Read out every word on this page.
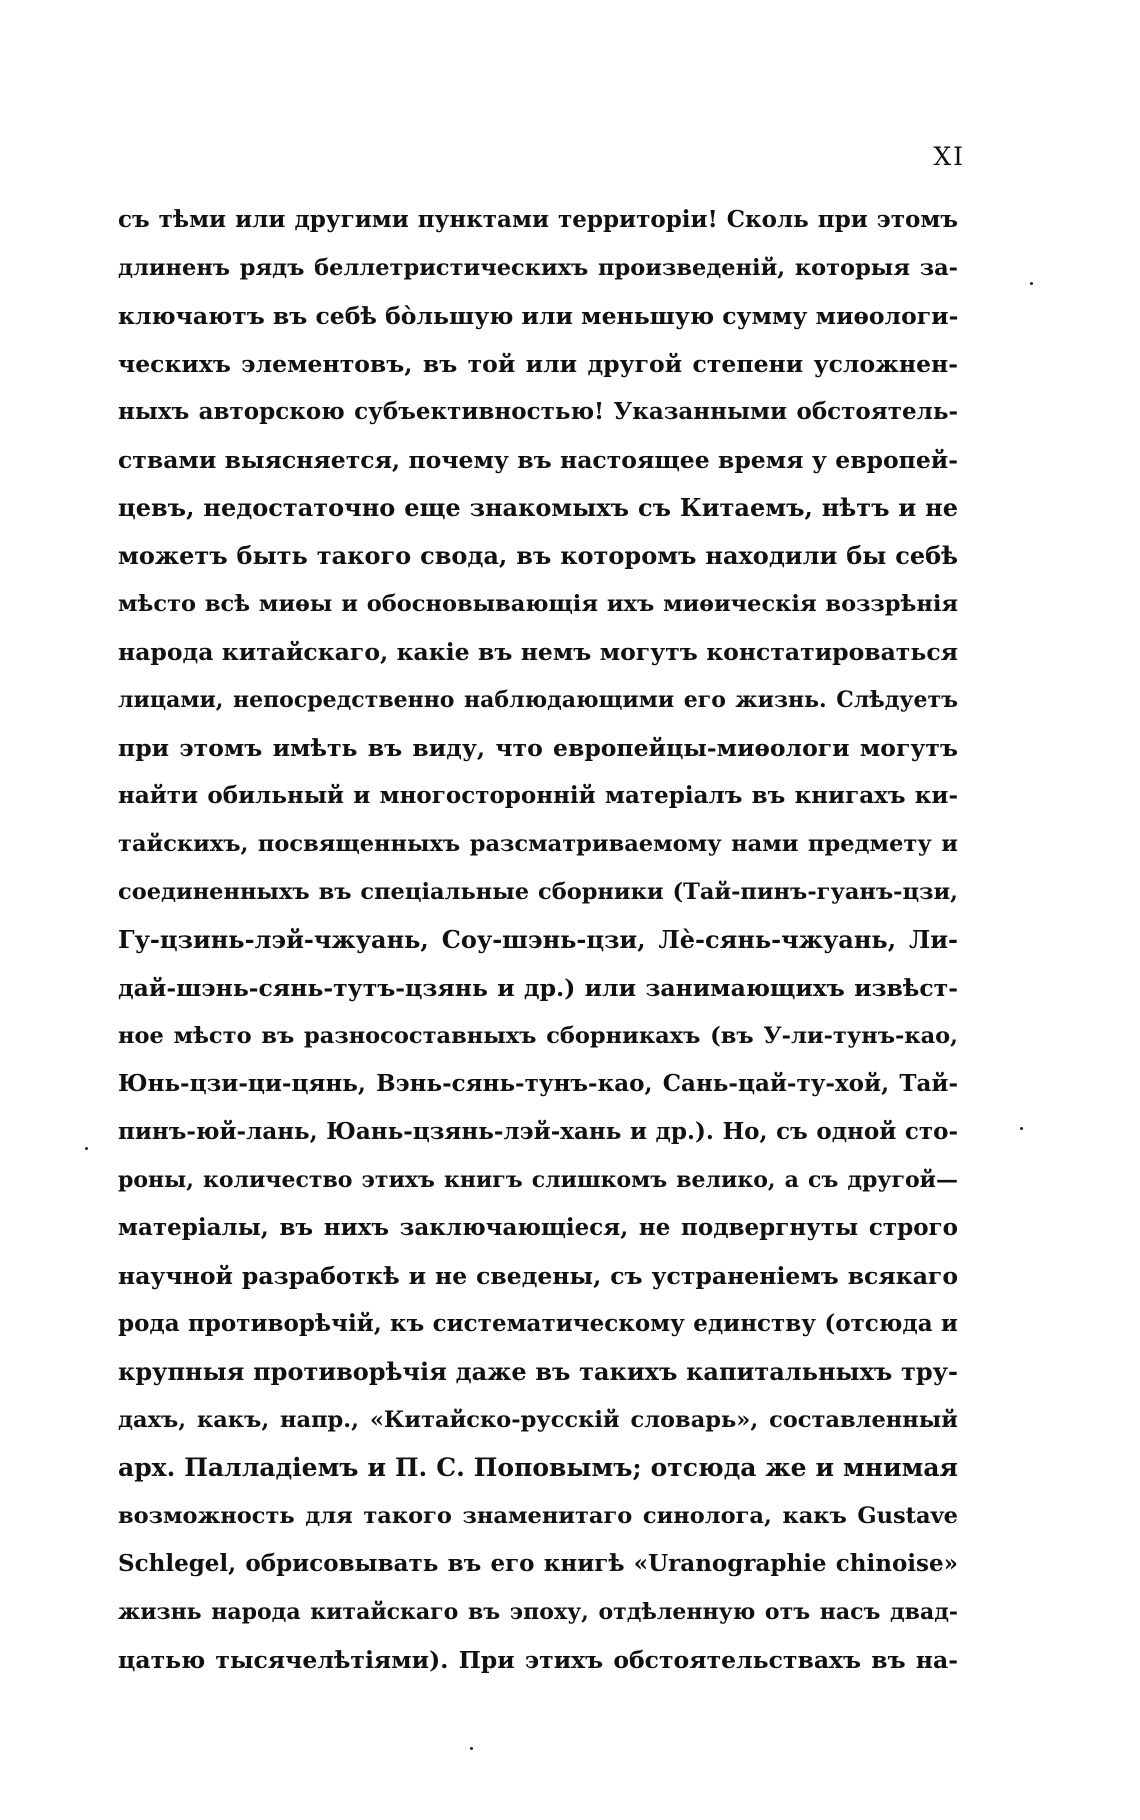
XI
съ тѣми или другими пунктами территоріи! Сколь при этомъ
длиненъ рядъ беллетристическихъ произведеній, которыя за-
ключаютъ въ себѣ бо̀льшую или меньшую сумму миѳологи-
ческихъ элементовъ, въ той или другой степени усложнен-
ныхъ авторскою субъективностью! Указанными обстоятель-
ствами выясняется, почему въ настоящее время у европей-
цевъ, недостаточно еще знакомыхъ съ Китаемъ, нѣтъ и не
можетъ быть такого свода, въ которомъ находили бы себѣ
мѣсто всѣ миѳы и обосновывающія ихъ миѳическія воззрѣнія
народа китайскаго, какіе въ немъ могутъ констатироваться
лицами, непосредственно наблюдающими его жизнь. Слѣдуетъ
при этомъ имѣть въ виду, что европейцы-миѳологи могутъ
найти обильный и многосторонній матеріалъ въ книгахъ ки-
тайскихъ, посвященныхъ разсматриваемому нами предмету и
соединенныхъ въ спеціальные сборники (Тай-пинъ-гуанъ-цзи,
Гу-цзинь-лэй-чжуань, Соу-шэнь-цзи, Лѐ-сянь-чжуань, Ли-
дай-шэнь-сянь-тутъ-цзянь и др.) или занимающихъ извѣст-
ное мѣсто въ разносоставныхъ сборникахъ (въ У-ли-тунъ-као,
Юнь-цзи-ци-цянь, Вэнь-сянь-тунъ-као, Сань-цай-ту-хой, Тай-
пинъ-юй-лань, Юань-цзянь-лэй-хань и др.). Но, съ одной сто-
роны, количество этихъ книгъ слишкомъ велико, а съ другой—
матеріалы, въ нихъ заключающіеся, не подвергнуты строго
научной разработкѣ и не сведены, съ устраненіемъ всякаго
рода противорѣчій, къ систематическому единству (отсюда и
крупныя противорѣчія даже въ такихъ капитальныхъ тру-
дахъ, какъ, напр., «Китайско-русскій словарь», составленный
арх. Палладіемъ и П. С. Поповымъ; отсюда же и мнимая
возможность для такого знаменитаго синолога, какъ Gustave
Schlegel, обрисовывать въ его книгѣ «Uranographie chinoise»
жизнь народа китайскаго въ эпоху, отдѣленную отъ насъ двад-
цатью тысячелѣтіями). При этихъ обстоятельствахъ въ на-
